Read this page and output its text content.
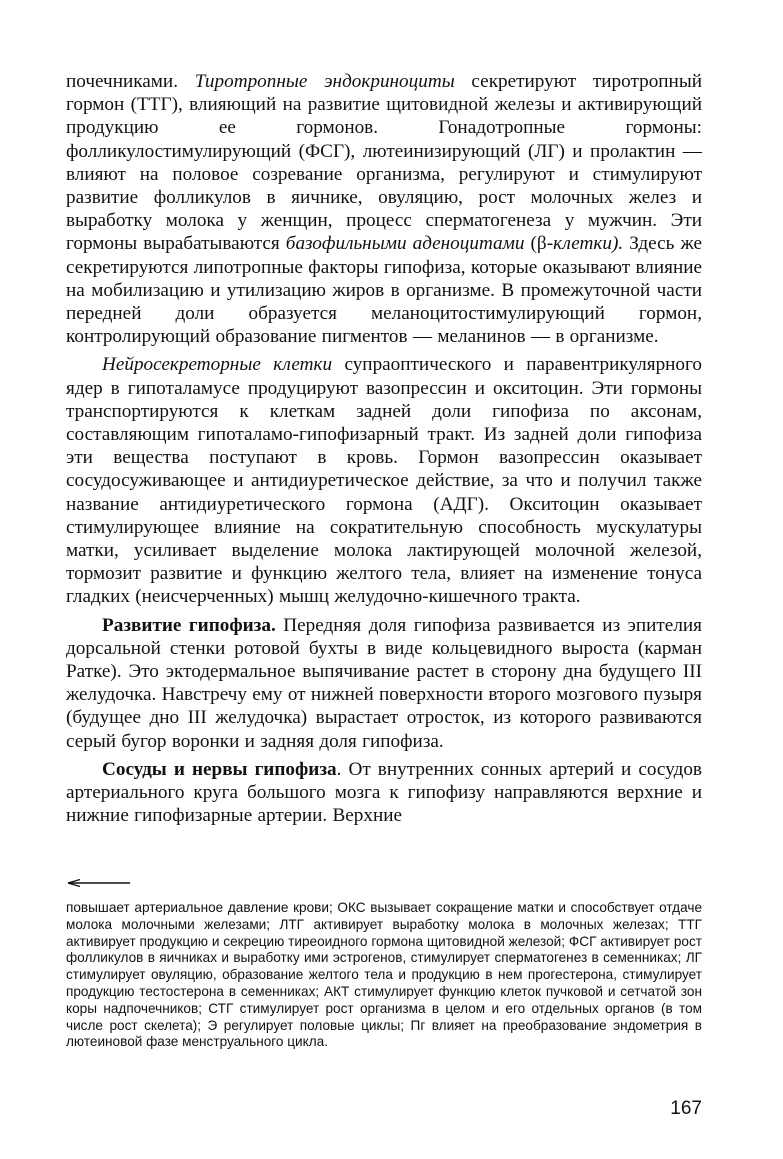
почечниками. Тиротропные эндокриноциты секретируют тиротропный гормон (ТТГ), влияющий на развитие щитовидной железы и активирующий продукцию ее гормонов. Гонадотропные гормоны: фолликулостимулирующий (ФСГ), лютеинизирующий (ЛГ) и пролактин — влияют на половое созревание организма, регулируют и стимулируют развитие фолликулов в яичнике, овуляцию, рост молочных желез и выработку молока у женщин, процесс сперматогенеза у мужчин. Эти гормоны вырабатываются базофильными аденоцитами (β-клетки). Здесь же секретируются липотропные факторы гипофиза, которые оказывают влияние на мобилизацию и утилизацию жиров в организме. В промежуточной части передней доли образуется меланоцитостимулирующий гормон, контролирующий образование пигментов — меланинов — в организме.

Нейросекреторные клетки супраоптического и паравентрикулярного ядер в гипоталамусе продуцируют вазопрессин и окситоцин. Эти гормоны транспортируются к клеткам задней доли гипофиза по аксонам, составляющим гипоталамо-гипофизарный тракт. Из задней доли гипофиза эти вещества поступают в кровь. Гормон вазопрессин оказывает сосудосуживающее и антидиуретическое действие, за что и получил также название антидиуретического гормона (АДГ). Окситоцин оказывает стимулирующее влияние на сократительную способность мускулатуры матки, усиливает выделение молока лактирующей молочной железой, тормозит развитие и функцию желтого тела, влияет на изменение тонуса гладких (неисчерченных) мышц желудочно-кишечного тракта.

Развитие гипофиза. Передняя доля гипофиза развивается из эпителия дорсальной стенки ротовой бухты в виде кольцевидного выроста (карман Ратке). Это эктодермальное выпячивание растет в сторону дна будущего III желудочка. Навстречу ему от нижней поверхности второго мозгового пузыря (будущее дно III желудочка) вырастает отросток, из которого развиваются серый бугор воронки и задняя доля гипофиза.

Сосуды и нервы гипофиза. От внутренних сонных артерий и сосудов артериального круга большого мозга к гипофизу направляются верхние и нижние гипофизарные артерии. Верхние

повышает артериальное давление крови; ОКС вызывает сокращение матки и способствует отдаче молока молочными железами; ЛТГ активирует выработку молока в молочных железах; ТТГ активирует продукцию и секрецию тиреоидного гормона щитовидной железой; ФСГ активирует рост фолликулов в яичниках и выработку ими эстрогенов, стимулирует сперматогенез в семенниках; ЛГ стимулирует овуляцию, образование желтого тела и продукцию в нем прогестерона, стимулирует продукцию тестостерона в семенниках; АКТ стимулирует функцию клеток пучковой и сетчатой зон коры надпочечников; СТГ стимулирует рост организма в целом и его отдельных органов (в том числе рост скелета); Э регулирует половые циклы; Пг влияет на преобразование эндометрия в лютеиновой фазе менструального цикла.
167
